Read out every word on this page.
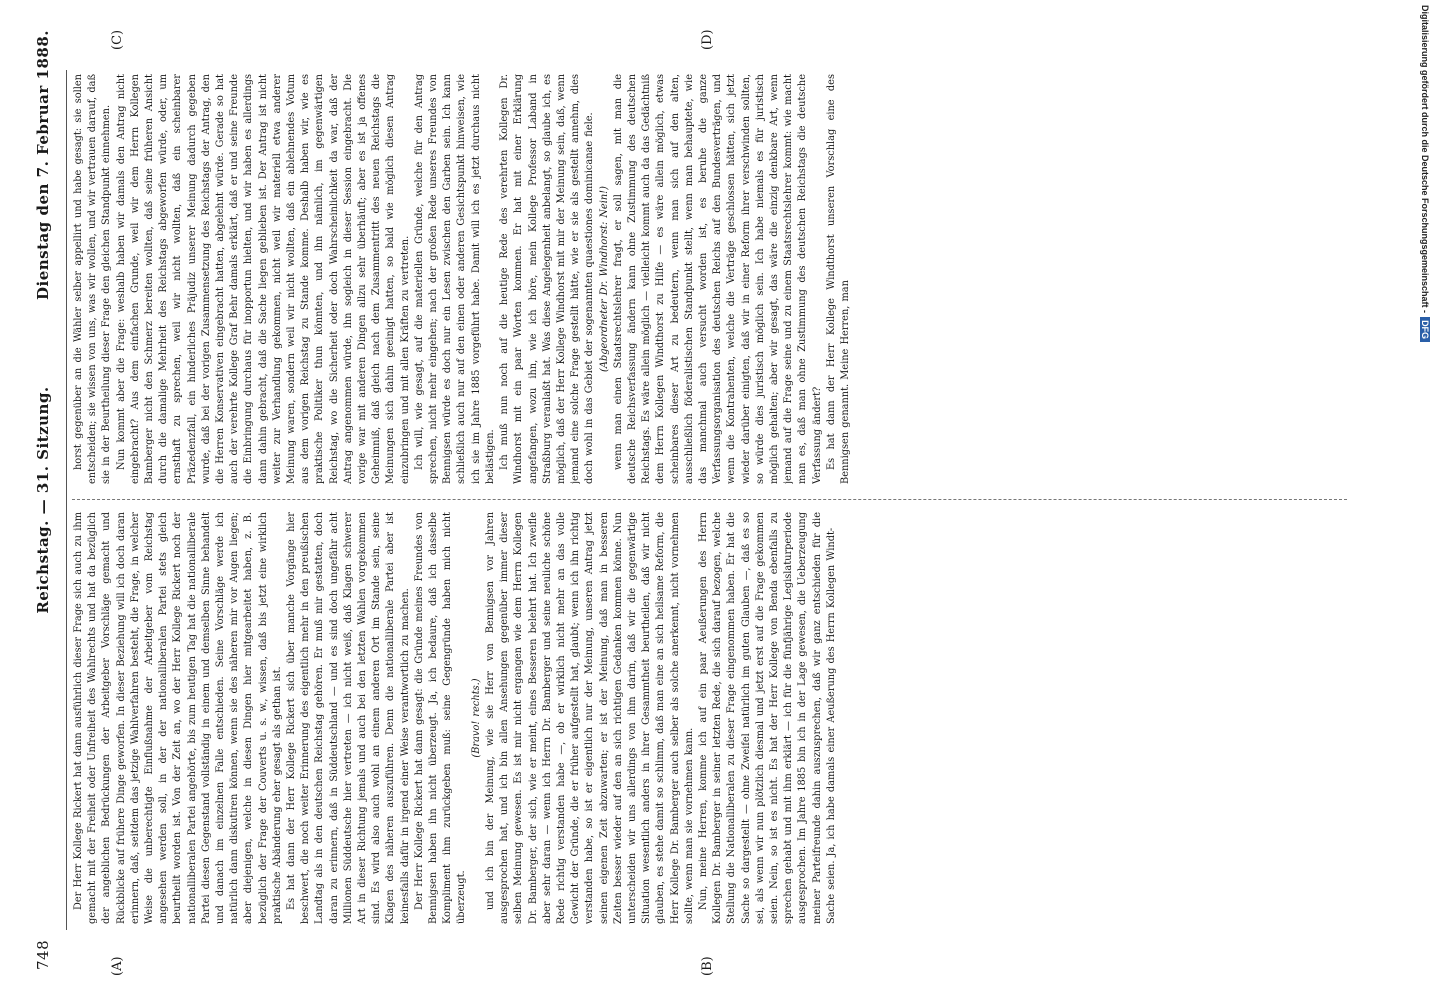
748
Reichstag. — 31. Sitzung.
Dienstag den 7. Februar 1888.
(A)	(B)
(C)	(D)

Der Herr Kollege Rickert hat dann ausführlich dieser Frage sich auch zu ihm gemacht mit der Freiheit oder Unfreiheit des Wahlrechts und hat da bezüglich der angeblichen Bedrückungen der Arbeitgeber Vorschläge gemacht und Rückblicke auf frühere Dinge geworfen. In dieser Beziehung will ich doch daran erinnern, daß, seitdem das jetzige Wahlverfahren besteht, die Frage, in welcher Weise die unberechtigte Einflußnahme der Arbeitgeber vom Reichstag angesehen werden soll, in der der nationalliberalen Partei stets gleich beurtheilt worden ist. Von der Zeit an, wo der Herr Kollege Rickert noch der nationalliberalen Partei angehörte, bis zum heutigen Tag hat die nationalliberale Partei diesen Gegenstand vollständig in einem und demselben Sinne behandelt und danach im einzelnen Falle entschieden. Seine Vorschläge werde ich natürlich dann diskutiren können, wenn sie des näheren mir vor Augen liegen; aber diejenigen, welche in diesen Dingen hier mitgearbeitet haben, z. B. bezüglich der Frage der Couverts u. s. w., wissen, daß bis jetzt eine wirklich praktische Abänderung eher gesagt als gethan ist. Es hat dann der Herr Kollege Rickert sich über manche Vorgänge hier beschwert, die noch weiter Erinnerung des eigentlich mehr in den preußischen Landtag als in den deutschen Reichstag gehören. Er muß mir gestatten, doch daran zu erinnern, daß in Süddeutschland — und es sind doch ungefähr acht Millionen Süddeutsche hier vertreten — ich nicht weiß, daß Klagen schwerer Art in dieser Richtung jemals und auch bei den letzten Wahlen vorgekommen sind. Es wird also auch wohl an einem anderen Ort im Stande sein, seine Klagen des näheren auszuführen. Denn die nationalliberale Partei aber ist keinesfalls dafür in irgend einer Weise verantwortlich zu machen. Der Herr Kollege Rickert hat dann gesagt: die Gründe meines Freundes von Bennigsen haben ihn nicht überzeugt. Ja, ich bedaure, daß ich dasselbe Kompliment ihm zurückgeben muß: seine Gegengründe haben mich nicht überzeugt.

(Bravo! rechts.) und ich bin der Meinung, wie sie Herr von Bennigsen vor Jahren ausgesprochen hat, und ich bin allen Ansehungen gegenüber immer dieser selben Meinung gewesen. Es ist mir nicht ergangen wie dem Herrn Kollegen Dr. Bamberger, der sich, wie er meint, eines Besseren belehrt hat. Ich zweifle aber sehr daran — wenn ich Herrn Dr. Bamberger und seine neuliche schöne Rede richtig verstanden habe —, ob er wirklich nicht mehr an das volle Gewicht der Gründe, die er früher aufgestellt hat, glaubt; wenn ich ihn richtig verstanden habe, so ist er eigentlich nur der Meinung, unseren Antrag jetzt seinen eigenen Zeit abzuwarten; er ist der Meinung, daß man in besseren Zeiten besser wieder auf den an sich richtigen Gedanken kommen könne. Nun unterscheiden wir uns allerdings von ihm darin, daß wir die gegenwärtige Situation wesentlich anders in ihrer Gesammtheit beurtheilen, daß wir nicht glauben, es stehe damit so schlimm, daß man eine an sich heilsame Reform, die Herr Kollege Dr. Bamberger auch selber als solche anerkennt, nicht vornehmen sollte, wenn man sie vornehmen kann. Nun, meine Herren, komme ich auf ein paar Aeußerungen des Herrn Kollegen Dr. Bamberger in seiner letzten Rede, die sich darauf bezogen, welche Stellung die Nationalliberalen zu dieser Frage eingenommen haben. Er hat die Sache so dargestellt — ohne Zweifel natürlich im guten Glauben —, daß es so sei, als wenn wir nun plötzlich diesmal und jetzt erst auf die Frage gekommen seien. Nein, so ist es nicht. Es hat der Herr Kollege von Benda ebenfalls zu sprechen gehabt und mit ihm erklärt — ich für die fünfjährige Legislaturperiode ausgesprochen. Im Jahre 1885 bin ich in der Lage gewesen, die Ueberzeugung meiner Parteifreunde dahin auszusprechen, daß wir ganz entschieden für die Sache seien. Ja, ich habe damals einer Aeußerung des Herrn Kollegen Windt-

horst gegenüber an die Wähler selber appellirt und habe gesagt: sie sollen entscheiden; sie wissen von uns, was wir wollen, und wir vertrauen darauf, daß sie in der Beurtheilung dieser Frage den gleichen Standpunkt einnehmen. Nun kommt aber die Frage: weshalb haben wir damals den Antrag nicht eingebracht? Aus dem einfachen Grunde, weil wir dem Herrn Kollegen Bamberger nicht den Schmerz bereiten wollten, daß seine früheren Ansicht durch die damalige Mehrheit des Reichstags abgeworfen würde, oder, um ernsthaft zu sprechen, weil wir nicht wollten, daß ein scheinbarer Präzedenzfall, ein hinderliches Präjudiz unserer Meinung dadurch gegeben wurde, daß bei der vorigen Zusammensetzung des Reichstags der Antrag, den die Herren Konservativen eingebracht hatten, abgelehnt würde. Gerade so hat auch der verehrte Kollege Graf Behr damals erklärt, daß er und seine Freunde die Einbringung durchaus für inopportun hielten, und wir haben es allerdings dann dahin gebracht, daß die Sache liegen geblieben ist. Der Antrag ist nicht weiter zur Verhandlung gekommen, nicht weil wir materiell etwa anderer Meinung waren, sondern weil wir nicht wollten, daß ein ablehnendes Votum aus dem vorigen Reichstag zu Stande komme. Deshalb haben wir, wie es praktische Politiker thun könnten, und ihn nämlich, im gegenwärtigen Reichstag, wo die Sicherheit oder doch Wahrscheinlichkeit da war, daß der Antrag angenommen würde, ihn sogleich in dieser Session eingebracht. Die vorige war mit anderen Dingen allzu sehr überhäuft; aber es ist ja offenes Geheimniß, daß gleich nach dem Zusammentritt des neuen Reichstags die Meinungen sich dahin geeinigt hatten, so bald wie möglich diesen Antrag einzubringen und mit allen Kräften zu vertreten. Ich will, wie gesagt, auf die materiellen Gründe, welche für den Antrag sprechen, nicht mehr eingehen; nach der großen Rede unseres Freundes von Bennigsen würde es doch nur ein Lesen zwischen den Garben sein. Ich kann schließlich auch nur auf den einen oder anderen Gesichtspunkt hinweisen, wie ich sie im Jahre 1885 vorgeführt habe. Damit will ich es jetzt durchaus nicht belästigen. Ich muß nun noch auf die heutige Rede des verehrten Kollegen Dr. Windhorst mit ein paar Worten kommen. Er hat mit einer Erklärung angefangen, wozu ihn, wie ich höre, mein Kollege Professor Laband in Straßburg veranlaßt hat. Was diese Angelegenheit anbelangt, so glaube ich, es möglich, daß der Herr Kollege Windhorst mit mir der Meinung sein, daß, wenn jemand eine solche Frage gestellt hätte, wie er sie als gestellt annehm, dies doch wohl in das Gebiet der sogenannten quaestiones dominicanae fiele. (Abgeordneter Dr. Windhorst: Nein!) wenn man einen Staatsrechtslehrer fragt, er soll sagen, mit man die deutsche Reichsverfassung ändern kann ohne Zustimmung des deutschen Reichstags. Es wäre allein möglich — vielleicht kommt auch da das Gedächtniß dem Herrn Kollegen Windthorst zu Hilfe — es wäre allein möglich, etwas scheinbares dieser Art zu bedeutern, wenn man sich auf den alten, ausschließlich föderalistischen Standpunkt stellt, wenn man behauptete, wie das manchmal auch versucht worden ist, es beruhe die ganze Verfassungsorganisation des deutschen Reichs auf den Bundesverträgen, und wenn die Kontrahenten, welche die Verträge geschlossen hätten, sich jetzt wieder darüber einigten, daß wir in einer Reform ihrer verschwinden sollten, so würde dies juristisch möglich sein. Ich habe niemals es für juristisch möglich gehalten; aber wir gesagt, das wäre die einzig denkbare Art, wenn jemand auf die Frage seine und zu einem Staatsrechtslehrer kommt: wie macht man es, daß man ohne Zustimmung des deutschen Reichstags die deutsche Verfassung ändert? Es hat dann der Herr Kollege Windthorst unseren Vorschlag eine des Bennigsen genannt. Meine Herren, man

Digitalisierung gefördert durch die Deutsche Forschungsgemeinschaft -DFG
